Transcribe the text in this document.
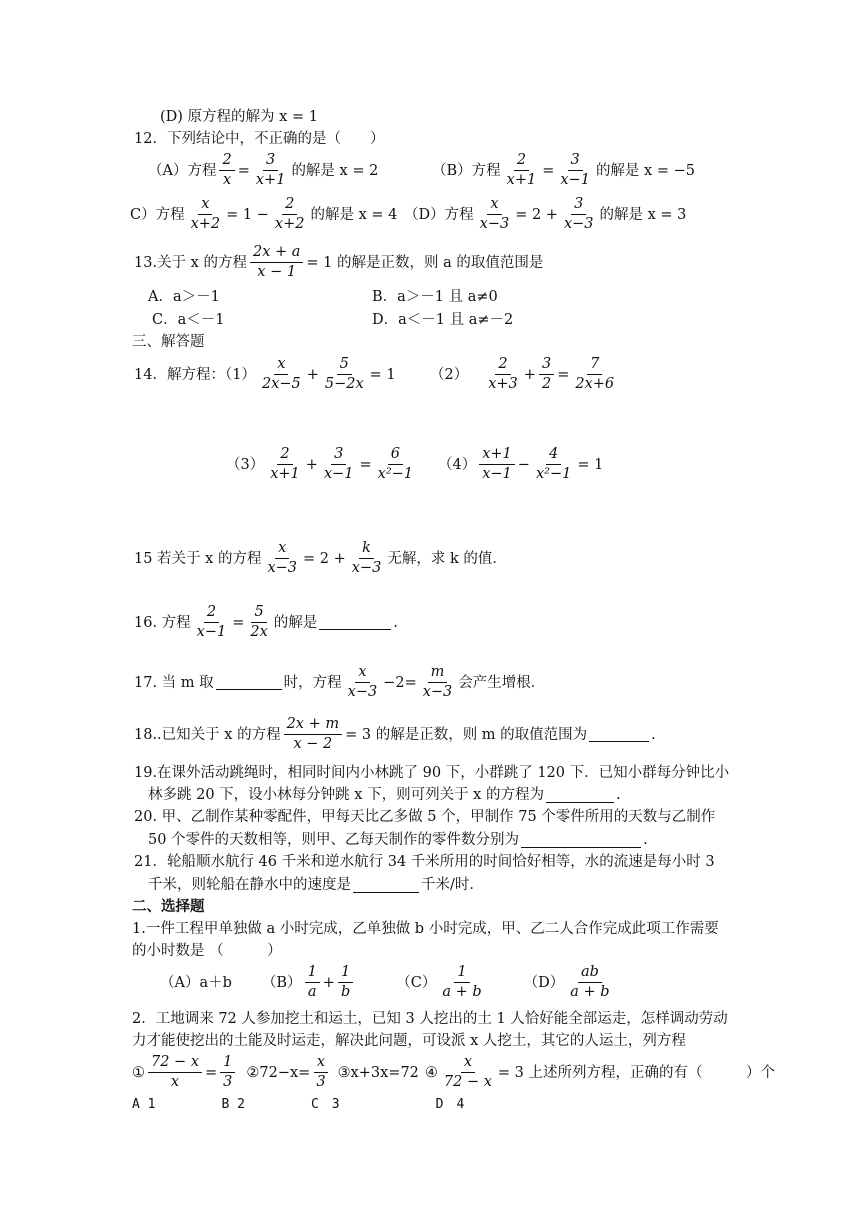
(D) 原方程的解为 x = 1
12．下列结论中，不正确的是（　　）
（A）方程 $\frac{2}{x} = \frac{3}{x+1}$ 的解是 x = 2	（B）方程 $\frac{2}{x+1} = \frac{3}{x-1}$ 的解是 x = −5
C）方程 $\frac{x}{x+2} = 1 - \frac{2}{x+2}$ 的解是 x = 4 （D）方程 $\frac{x}{x-3} = 2 + \frac{3}{x-3}$ 的解是 x = 3
13.关于 x 的方程 $\frac{2x + a}{x - 1} = 1$ 的解是正数，则 a 的取值范围是
A．a＞－1	B．a＞－1 且 a≠0
C．a＜－1	D．a＜－1 且 a≠－2
三、解答题
14．解方程：$(1) \frac{x}{2x-5} + \frac{5}{5-2x} = 1$ $(2) \frac{2}{x+3} + \frac{3}{2} = \frac{7}{2x+6}$
$(3) \frac{2}{x+1} + \frac{3}{x-1} = \frac{6}{\text{x²−1}} (4) \frac{x+1}{x-1} - \frac{4}{\text{x²−1}} = 1$
15 若关于 x 的方程 $\frac{x}{x-3} = 2 + \frac{k}{x-3}$ 无解，求 k 的值．
16. 方程 $\frac{2}{x-1} = \frac{5}{2x}$ 的解是	.
17. 当 m 取	时，方程 $\frac{x}{x-3} -2= \frac{m}{x-3}$ 会产生增根．
18..已知关于 x 的方程 $\frac{2x + m}{x - 2} = 3$ 的解是正数，则 m 的取值范围为	.
19.在课外活动跳绳时，相同时间内小林跳了 90 下，小群跳了 120 下．已知小群每分钟比小
林多跳 20 下，设小林每分钟跳 x 下，则可列关于 x 的方程为	.
20. 甲、乙制作某种零配件，甲每天比乙多做 5 个，甲制作 75 个零件所用的天数与乙制作
50 个零件的天数相等，则甲、乙每天制作的零件数分别为	.
21．轮船顺水航行 46 千米和逆水航行 34 千米所用的时间恰好相等，水的流速是每小时 3
千米，则轮船在静水中的速度是	千米/时．
二、选择题
1.一件工程甲单独做 a 小时完成，乙单独做 b 小时完成，甲、乙二人合作完成此项工作需要
的小时数是 （　　　）
（A）a＋b $(B) \frac{1}{a} + \frac{1}{b}$	$(C) \frac{1}{a + b}$	$(D) \frac{ab}{a + b}$
2．工地调来 72 人参加挖土和运土，已知 3 人挖出的土 1 人恰好能全部运走，怎样调动劳动
力才能使挖出的土能及时运走，解决此问题，可设派 x 人挖土，其它的人运土，列方程
① $\frac{72 - x}{x} = \frac{1}{3}$ ②72−x= $\frac{x}{3}$ ③x+3x=72 ④ $\frac{x}{72 - x} = 3$ 上述所列方程，正确的有（　　　）个
A 1	B 2	C　3	D　4
